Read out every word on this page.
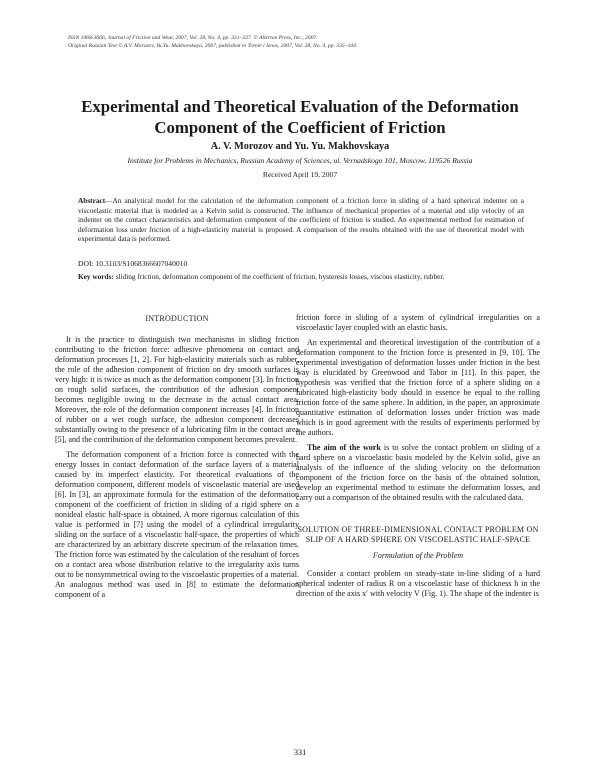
ISSN 1068-3666, Journal of Friction and Wear, 2007, Vol. 28, No. 4, pp. 331–337. © Allerton Press, Inc., 2007.
Original Russian Text © A.V. Morozov, Yu.Yu. Makhovskaya, 2007, published in Trenie i Iznos, 2007, Vol. 28, No. 4, pp. 335–344.
Experimental and Theoretical Evaluation of the Deformation Component of the Coefficient of Friction
A. V. Morozov and Yu. Yu. Makhovskaya
Institute for Problems in Mechanics, Russian Academy of Sciences, ul. Vernadskogo 101, Moscow, 119526 Russia
Received April 19, 2007
Abstract—An analytical model for the calculation of the deformation component of a friction force in sliding of a hard spherical indenter on a viscoelastic material that is modeled as a Kelvin solid is constructed. The influence of mechanical properties of a material and slip velocity of an indenter on the contact characteristics and deformation component of the coefficient of friction is studied. An experimental method for estimation of deformation loss under friction of a high-elasticity material is proposed. A comparison of the results obtained with the use of theoretical model with experimental data is performed.
DOI: 10.3103/S1068366607040010
Key words: sliding friction, deformation component of the coefficient of friction, hysteresis losses, viscous elasticity, rubber.
INTRODUCTION

It is the practice to distinguish two mechanisms in sliding friction contributing to the friction force: adhesive phenomena on contact and deformation processes [1, 2]. For high-elasticity materials such as rubber, the role of the adhesion component of friction on dry smooth surfaces is very high: it is twice as much as the deformation component [3]. In friction on rough solid surfaces, the contribution of the adhesion component becomes negligible owing to the decrease in the actual contact area. Moreover, the role of the deformation component increases [4]. In friction of rubber on a wet rough surface, the adhesion component decreases substantially owing to the presence of a lubricating film in the contact area [5], and the contribution of the deformation component becomes prevalent.

The deformation component of a friction force is connected with the energy losses in contact deformation of the surface layers of a material caused by its imperfect elasticity. For theoretical evaluations of the deformation component, different models of viscoelastic material are used [6]. In [3], an approximate formula for the estimation of the deformation component of the coefficient of friction in sliding of a rigid sphere on a nonideal elastic half-space is obtained. A more rigorous calculation of this value is performed in [7] using the model of a cylindrical irregularity sliding on the surface of a viscoelastic half-space, the properties of which are characterized by an arbitrary discrete spectrum of the relaxation times. The friction force was estimated by the calculation of the resultant of forces on a contact area whose distribution relative to the irregularity axis turns out to be nonsymmetrical owing to the viscoelastic properties of a material. An analogous method was used in [8] to estimate the deformation component of a

friction force in sliding of a system of cylindrical irregularities on a viscoelastic layer coupled with an elastic basis.

An experimental and theoretical investigation of the contribution of a deformation component to the friction force is presented in [9, 10]. The experimental investigation of deformation losses under friction in the best way is elucidated by Greenwood and Tabor in [11]. In this paper, the hypothesis was verified that the friction force of a sphere sliding on a lubricated high-elasticity body should in essence be equal to the rolling friction force of the same sphere. In addition, in the paper, an approximate quantitative estimation of deformation losses under friction was made which is in good agreement with the results of experiments performed by the authors.

The aim of the work is to solve the contact problem on sliding of a hard sphere on a viscoelastic basis modeled by the Kelvin solid, give an analysis of the influence of the sliding velocity on the deformation component of the friction force on the basis of the obtained solution, develop an experimental method to estimate the deformation losses, and carry out a comparison of the obtained results with the calculated data.

SOLUTION OF THREE-DIMENSIONAL CONTACT PROBLEM ON SLIP OF A HARD SPHERE ON VISCOELASTIC HALF-SPACE
Formulation of the Problem

Consider a contact problem on steady-state in-line sliding of a hard spherical indenter of radius R on a viscoelastic base of thickness h in the direction of the axis x′ with velocity V (Fig. 1). The shape of the indenter is

331
